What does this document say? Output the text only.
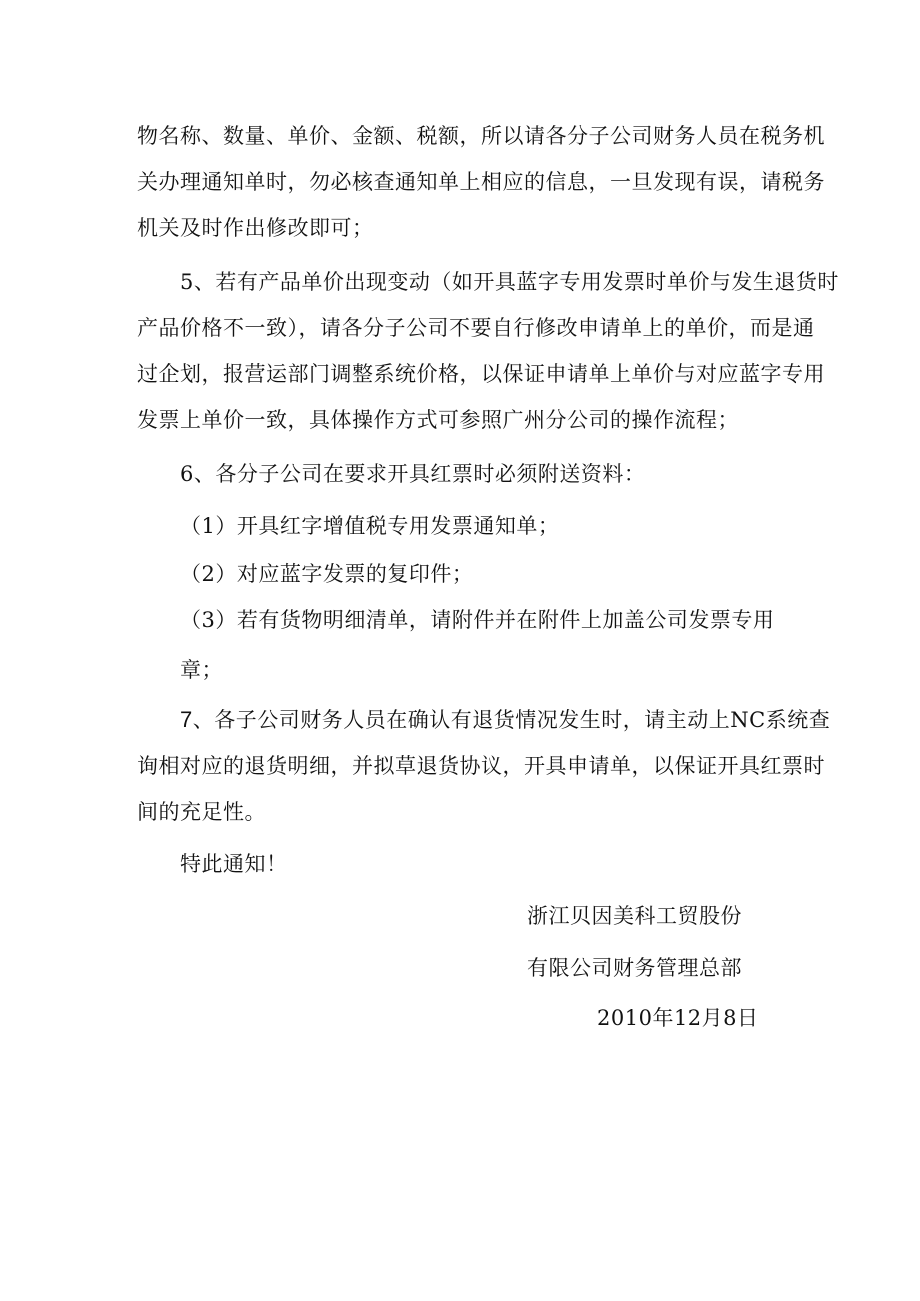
物名称、数量、单价、金额、税额，所以请各分子公司财务人员在税务机
关办理通知单时，勿必核查通知单上相应的信息，一旦发现有误，请税务
机关及时作出修改即可；
5、若有产品单价出现变动（如开具蓝字专用发票时单价与发生退货时
产品价格不一致），请各分子公司不要自行修改申请单上的单价，而是通
过企划，报营运部门调整系统价格，以保证申请单上单价与对应蓝字专用
发票上单价一致，具体操作方式可参照广州分公司的操作流程；
6、各分子公司在要求开具红票时必须附送资料：
（1）开具红字增值税专用发票通知单；
（2）对应蓝字发票的复印件；
（3）若有货物明细清单，请附件并在附件上加盖公司发票专用
章；
7、各子公司财务人员在确认有退货情况发生时，请主动上NC系统查
询相对应的退货明细，并拟草退货协议，开具申请单，以保证开具红票时
间的充足性。
特此通知！
浙江贝因美科工贸股份
有限公司财务管理总部
2010年12月8日
